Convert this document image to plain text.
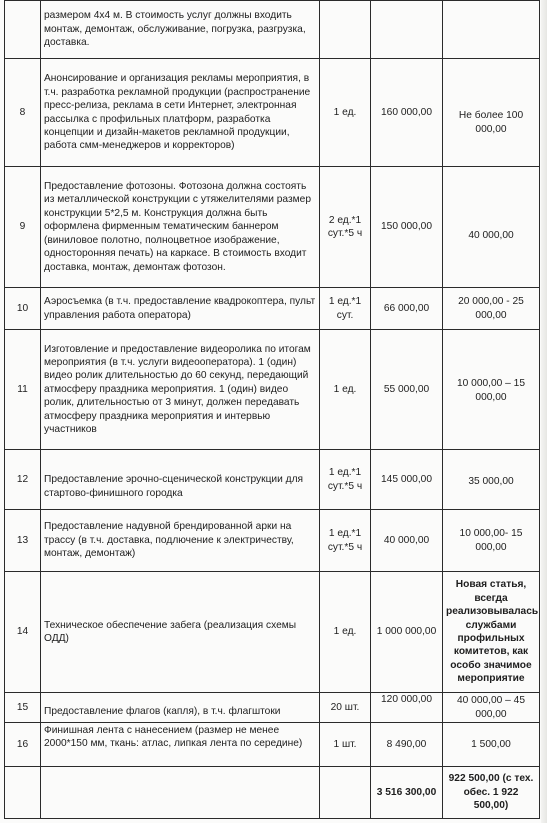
	размером 4х4 м. В стоимость услуг должны входить монтаж, демонтаж, обслуживание, погрузка, разгрузка, доставка.			
8	Анонсирование и организация рекламы мероприятия, в т.ч. разработка рекламной продукции (распространение пресс-релиза, реклама в сети Интернет, электронная рассылка с профильных платформ, разработка концепции и дизайн-макетов рекламной продукции, работа смм-менеджеров и корректоров)	1 ед.	160 000,00	Не более 100 000,00
9	Предоставление фотозоны. Фотозона должна состоять из металлической конструкции с утяжелителями размер конструкции 5*2,5 м. Конструкция должна быть оформлена фирменным тематическим баннером (виниловое полотно, полноцветное изображение, односторонняя печать) на каркасе. В стоимость входит доставка, монтаж, демонтаж фотозон.	2 ед.*1 сут.*5 ч	150 000,00	40 000,00
10	Аэросъемка (в т.ч. предоставление квадрокоптера, пульт управления работа оператора)	1 ед.*1 сут.	66 000,00	20 000,00 - 25 000,00
11	Изготовление и предоставление видеоролика по итогам мероприятия (в т.ч. услуги видеооператора). 1 (один) видео ролик длительностью до 60 секунд, передающий атмосферу праздника мероприятия. 1 (один) видео ролик, длительностью от 3 минут, должен передавать атмосферу праздника мероприятия и интервью участников	1 ед.	55 000,00	10 000,00 – 15 000,00
12	Предоставление эрочно-сценической конструкции для стартово-финишного городка	1 ед.*1 сут.*5 ч	145 000,00	35 000,00
13	Предоставление надувной брендированной арки на трассу (в т.ч. доставка, подлючение к электричеству, монтаж, демонтаж)	1 ед.*1 сут.*5 ч	40 000,00	10 000,00- 15 000,00
14	Техническое обеспечение забега (реализация схемы ОДД)	1 ед.	1 000 000,00	Новая статья, всегда реализовывалась службами профильных комитетов, как особо значимое мероприятие
15	Предоставление флагов (капля), в т.ч. флагштоки	20 шт.	120 000,00	40 000,00 – 45 000,00
16	Финишная лента с нанесением (размер не менее 2000*150 мм, ткань: атлас, липкая лента по середине)	1 шт.	8 490,00	1 500,00
			3 516 300,00	922 500,00 (с тех. обес. 1 922 500,00)
